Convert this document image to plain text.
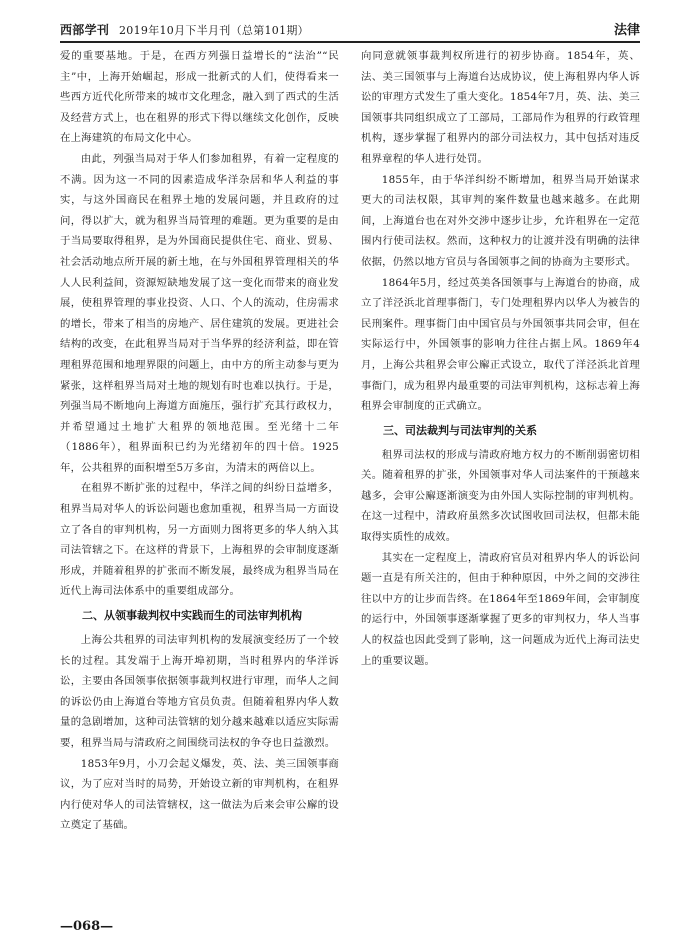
西部学刊 2019年10月下半月刊（总第101期）	法律

爱的重要基地。于是，在西方列强日益增长的“法治”“民主”中，上海开始崛起，形成一批新式的人们，使得看来一些西方近代化所带来的城市文化理念，融入到了西式的生活及经营方式上，也在租界的形式下得以继续文化创作，反映在上海建筑的布局文化中心。

由此，列强当局对于华人们参加租界，有着一定程度的不满。因为这一不同的因素造成华洋杂居和华人利益的事实，与这外国商民在租界土地的发展问题，并且政府的过问，得以扩大，就为租界当局管理的难题。更为重要的是由于当局要取得租界，是为外国商民提供住宅、商业、贸易、社会活动地点所开展的新土地，在与外国租界管理相关的华人人民利益间，资源短缺地发展了这一变化而带来的商业发展，使租界管理的事业投资、人口、个人的流动，住房需求的增长，带来了相当的房地产、居住建筑的发展。更进社会结构的改变，在此租界当局对于当华界的经济利益，即在管理租界范围和地理界限的问题上，由中方的所主动参与更为紧张，这样租界当局对土地的规划有时也难以执行。于是，列强当局不断地向上海道方面施压，强行扩充其行政权力，并希望通过土地扩大租界的领地范围。至光绪十二年（1886年），租界面积已约为光绪初年的四十倍。1925年，公共租界的面积增至5万多亩，为清末的两倍以上。

在租界不断扩张的过程中，华洋之间的纠纷日益增多，租界当局对华人的诉讼问题也愈加重视，租界当局一方面设立了各自的审判机构，另一方面则力图将更多的华人纳入其司法管辖之下。在这样的背景下，上海租界的会审制度逐渐形成，并随着租界的扩张而不断发展，最终成为租界当局在近代上海司法体系中的重要组成部分。

二、从领事裁判权中实践而生的司法审判机构

上海公共租界的司法审判机构的发展演变经历了一个较长的过程。其发端于上海开埠初期，当时租界内的华洋诉讼，主要由各国领事依据领事裁判权进行审理，而华人之间的诉讼仍由上海道台等地方官员负责。但随着租界内华人数量的急剧增加，这种司法管辖的划分越来越难以适应实际需要，租界当局与清政府之间围绕司法权的争夺也日益激烈。

1853年9月，小刀会起义爆发，英、法、美三国领事商议，为了应对当时的局势，开始设立新的审判机构，在租界内行使对华人的司法管辖权，这一做法为后来会审公廨的设立奠定了基础。

向同意就领事裁判权所进行的初步协商。1854年，英、法、美三国领事与上海道台达成协议，使上海租界内华人诉讼的审理方式发生了重大变化。1854年7月，英、法、美三国领事共同组织成立了工部局，工部局作为租界的行政管理机构，逐步掌握了租界内的部分司法权力，其中包括对违反租界章程的华人进行处罚。

1855年，由于华洋纠纷不断增加，租界当局开始谋求更大的司法权限，其审判的案件数量也越来越多。在此期间，上海道台也在对外交涉中逐步让步，允许租界在一定范围内行使司法权。然而，这种权力的让渡并没有明确的法律依据，仍然以地方官员与各国领事之间的协商为主要形式。

1864年5月，经过英美各国领事与上海道台的协商，成立了洋泾浜北首理事衙门，专门处理租界内以华人为被告的民刑案件。理事衙门由中国官员与外国领事共同会审，但在实际运行中，外国领事的影响力往往占据上风。1869年4月，上海公共租界会审公廨正式设立，取代了洋泾浜北首理事衙门，成为租界内最重要的司法审判机构，这标志着上海租界会审制度的正式确立。

三、司法裁判与司法审判的关系

租界司法权的形成与清政府地方权力的不断削弱密切相关。随着租界的扩张，外国领事对华人司法案件的干预越来越多，会审公廨逐渐演变为由外国人实际控制的审判机构。在这一过程中，清政府虽然多次试图收回司法权，但都未能取得实质性的成效。

其实在一定程度上，清政府官员对租界内华人的诉讼问题一直是有所关注的，但由于种种原因，中外之间的交涉往往以中方的让步而告终。在1864年至1869年间，会审制度的运行中，外国领事逐渐掌握了更多的审判权力，华人当事人的权益也因此受到了影响，这一问题成为近代上海司法史上的重要议题。

—068—
